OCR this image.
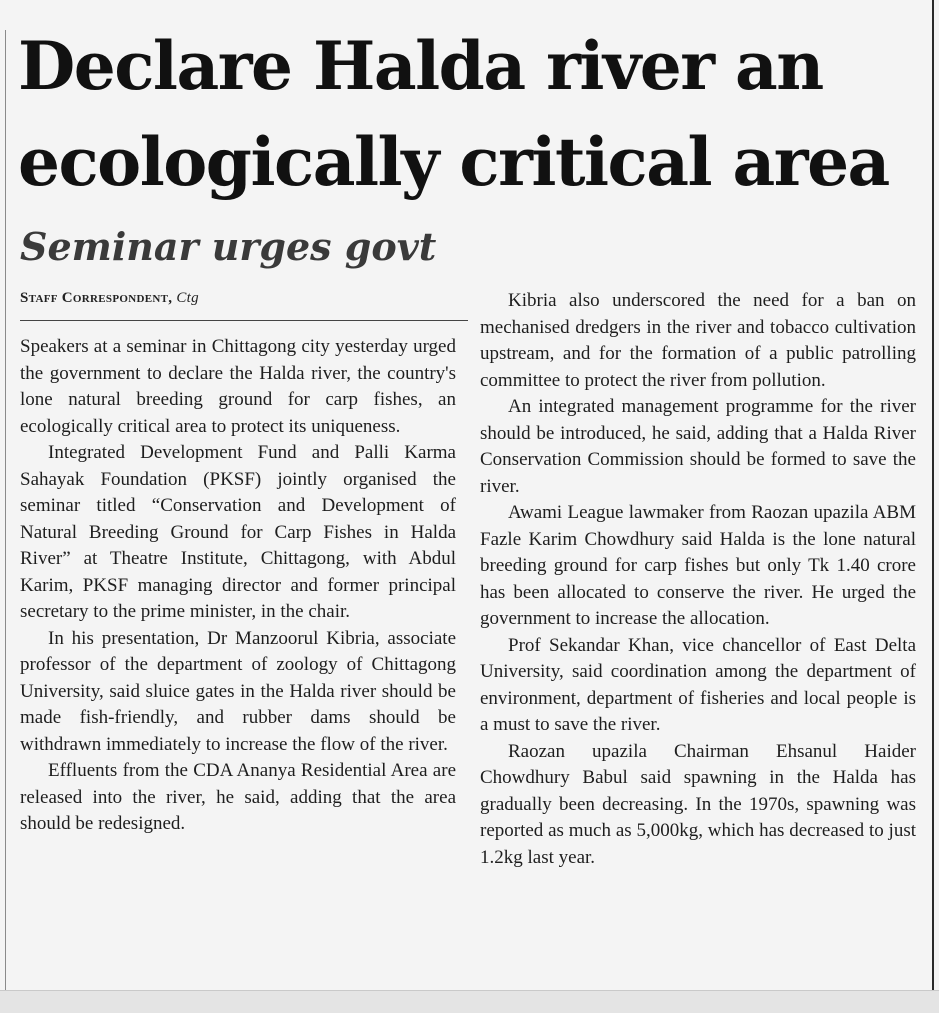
Declare Halda river an
ecologically critical area
Seminar urges govt
Staff Correspondent, Ctg

Speakers at a seminar in Chittagong city yesterday urged the government to declare the Halda river, the country's lone natural breeding ground for carp fishes, an ecologically critical area to protect its uniqueness.

Integrated Development Fund and Palli Karma Sahayak Foundation (PKSF) jointly organised the seminar titled “Conservation and Development of Natural Breeding Ground for Carp Fishes in Halda River” at Theatre Institute, Chittagong, with Abdul Karim, PKSF managing director and former principal secretary to the prime minister, in the chair.

In his presentation, Dr Manzoorul Kibria, associate professor of the department of zoology of Chittagong University, said sluice gates in the Halda river should be made fish-friendly, and rubber dams should be withdrawn immediately to increase the flow of the river.

Effluents from the CDA Ananya Residential Area are released into the river, he said, adding that the area should be redesigned.

Kibria also underscored the need for a ban on mechanised dredgers in the river and tobacco cultivation upstream, and for the formation of a public patrolling committee to protect the river from pollution.

An integrated management programme for the river should be introduced, he said, adding that a Halda River Conservation Commission should be formed to save the river.

Awami League lawmaker from Raozan upazila ABM Fazle Karim Chowdhury said Halda is the lone natural breeding ground for carp fishes but only Tk 1.40 crore has been allocated to conserve the river. He urged the government to increase the allocation.

Prof Sekandar Khan, vice chancellor of East Delta University, said coordination among the department of environment, department of fisheries and local people is a must to save the river.

Raozan upazila Chairman Ehsanul Haider Chowdhury Babul said spawning in the Halda has gradually been decreasing. In the 1970s, spawning was reported as much as 5,000kg, which has decreased to just 1.2kg last year.
